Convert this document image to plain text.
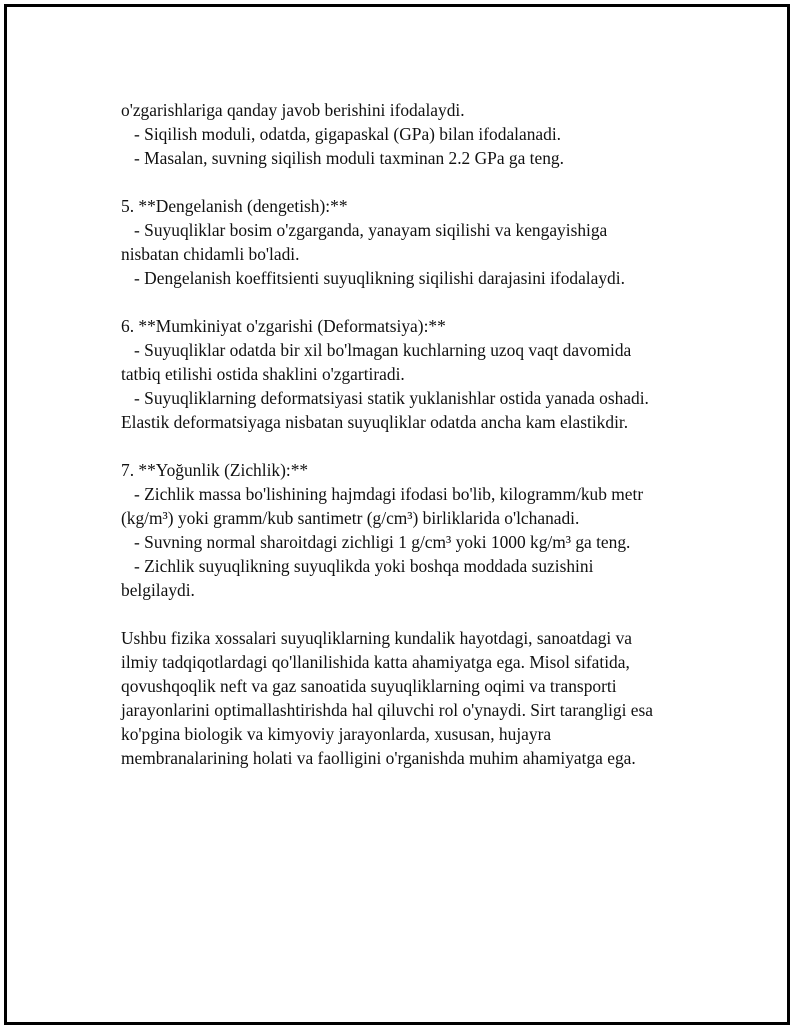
o'zgarishlariga qanday javob berishini ifodalaydi.
- Siqilish moduli, odatda, gigapaskal (GPa) bilan ifodalanadi.
- Masalan, suvning siqilish moduli taxminan 2.2 GPa ga teng.
5. **Dengelanish (dengetish):**
- Suyuqliklar bosim o'zgarganda, yanayam siqilishi va kengayishiga
nisbatan chidamli bo'ladi.
- Dengelanish koeffitsienti suyuqlikning siqilishi darajasini ifodalaydi.
6. **Mumkiniyat o'zgarishi (Deformatsiya):**
- Suyuqliklar odatda bir xil bo'lmagan kuchlarning uzoq vaqt davomida
tatbiq etilishi ostida shaklini o'zgartiradi.
- Suyuqliklarning deformatsiyasi statik yuklanishlar ostida yanada oshadi.
Elastik deformatsiyaga nisbatan suyuqliklar odatda ancha kam elastikdir.
7. **Yoğunlik (Zichlik):**
- Zichlik massa bo'lishining hajmdagi ifodasi bo'lib, kilogramm/kub metr
(kg/m³) yoki gramm/kub santimetr (g/cm³) birliklarida o'lchanadi.
- Suvning normal sharoitdagi zichligi 1 g/cm³ yoki 1000 kg/m³ ga teng.
- Zichlik suyuqlikning suyuqlikda yoki boshqa moddada suzishini
belgilaydi.
Ushbu fizika xossalari suyuqliklarning kundalik hayotdagi, sanoatdagi va
ilmiy tadqiqotlardagi qo'llanilishida katta ahamiyatga ega. Misol sifatida,
qovushqoqlik neft va gaz sanoatida suyuqliklarning oqimi va transporti
jarayonlarini optimallashtirishda hal qiluvchi rol o'ynaydi. Sirt tarangligi esa
ko'pgina biologik va kimyoviy jarayonlarda, xususan, hujayra
membranalarining holati va faolligini o'rganishda muhim ahamiyatga ega.
